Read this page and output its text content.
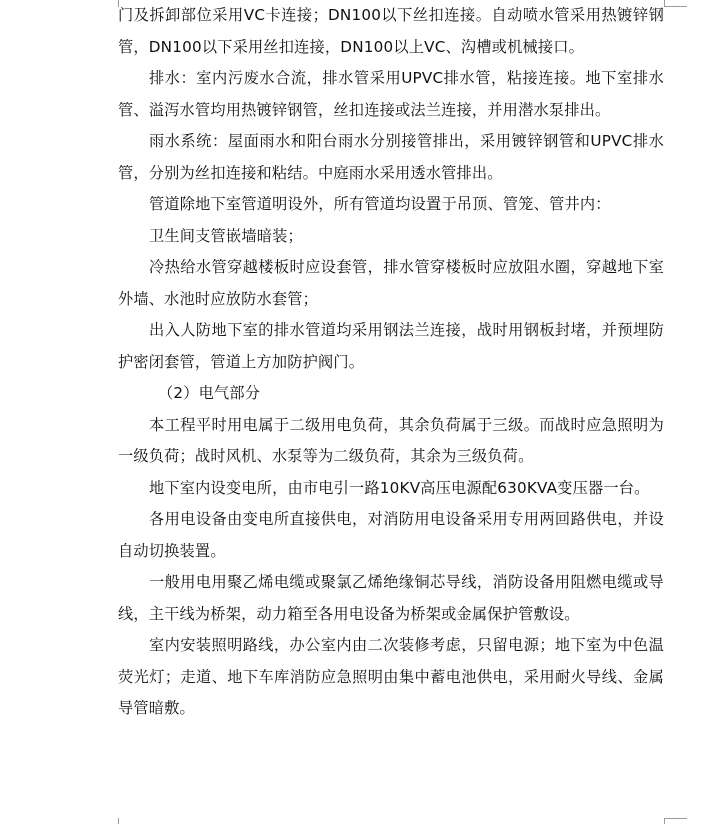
门及拆卸部位采用VC卡连接；DN100以下丝扣连接。自动喷水管采用热镀锌钢管，DN100以下采用丝扣连接，DN100以上VC、沟槽或机械接口。

排水：室内污废水合流，排水管采用UPVC排水管，粘接连接。地下室排水管、溢泻水管均用热镀锌钢管，丝扣连接或法兰连接，并用潜水泵排出。

雨水系统：屋面雨水和阳台雨水分别接管排出，采用镀锌钢管和UPVC排水管，分别为丝扣连接和粘结。中庭雨水采用透水管排出。

管道除地下室管道明设外，所有管道均设置于吊顶、管笼、管井内：

卫生间支管嵌墙暗装；

冷热给水管穿越楼板时应设套管，排水管穿楼板时应放阻水圈，穿越地下室外墙、水池时应放防水套管；

出入人防地下室的排水管道均采用钢法兰连接，战时用钢板封堵，并预埋防护密闭套管，管道上方加防护阀门。

（2）电气部分

本工程平时用电属于二级用电负荷，其余负荷属于三级。而战时应急照明为一级负荷；战时风机、水泵等为二级负荷，其余为三级负荷。

地下室内设变电所，由市电引一路10KV高压电源配630KVA变压器一台。

各用电设备由变电所直接供电，对消防用电设备采用专用两回路供电，并设自动切换装置。

一般用电用聚乙烯电缆或聚氯乙烯绝缘铜芯导线，消防设备用阻燃电缆或导线，主干线为桥架，动力箱至各用电设备为桥架或金属保护管敷设。

室内安装照明路线，办公室内由二次装修考虑，只留电源；地下室为中色温荧光灯；走道、地下车库消防应急照明由集中蓄电池供电，采用耐火导线、金属导管暗敷。
